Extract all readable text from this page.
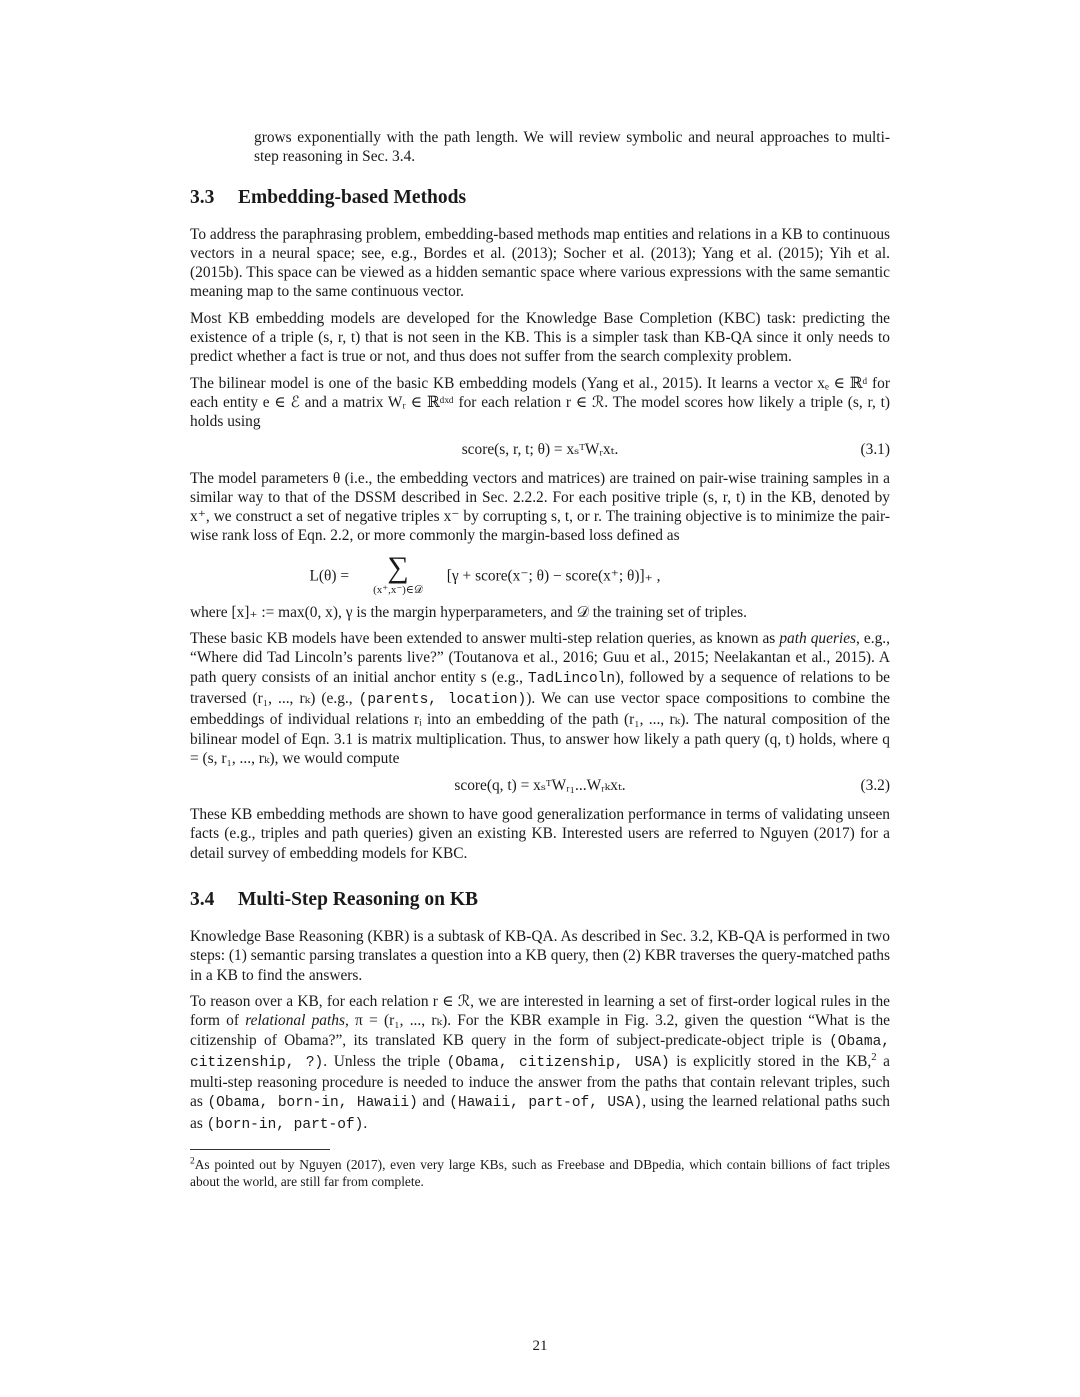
grows exponentially with the path length. We will review symbolic and neural approaches to multi-step reasoning in Sec. 3.4.

3.3 Embedding-based Methods

To address the paraphrasing problem, embedding-based methods map entities and relations in a KB to continuous vectors in a neural space; see, e.g., Bordes et al. (2013); Socher et al. (2013); Yang et al. (2015); Yih et al. (2015b). This space can be viewed as a hidden semantic space where various expressions with the same semantic meaning map to the same continuous vector.

Most KB embedding models are developed for the Knowledge Base Completion (KBC) task: predicting the existence of a triple (s, r, t) that is not seen in the KB. This is a simpler task than KB-QA since it only needs to predict whether a fact is true or not, and thus does not suffer from the search complexity problem.

The bilinear model is one of the basic KB embedding models (Yang et al., 2015). It learns a vector xₑ ∈ ℝᵈ for each entity e ∈ ℰ and a matrix Wᵣ ∈ ℝᵈˣᵈ for each relation r ∈ ℛ. The model scores how likely a triple (s, r, t) holds using

score(s, r, t; θ) = xₛᵀWᵣxₜ.	(3.1)

The model parameters θ (i.e., the embedding vectors and matrices) are trained on pair-wise training samples in a similar way to that of the DSSM described in Sec. 2.2.2. For each positive triple (s, r, t) in the KB, denoted by x⁺, we construct a set of negative triples x⁻ by corrupting s, t, or r. The training objective is to minimize the pair-wise rank loss of Eqn. 2.2, or more commonly the margin-based loss defined as

L(θ) =	∑
(x⁺,x⁻)∈𝒟
[γ + score(x⁻; θ) − score(x⁺; θ)]₊ ,

where [x]₊ := max(0, x), γ is the margin hyperparameters, and 𝒟 the training set of triples.

These basic KB models have been extended to answer multi-step relation queries, as known as path queries, e.g., “Where did Tad Lincoln’s parents live?” (Toutanova et al., 2016; Guu et al., 2015; Neelakantan et al., 2015). A path query consists of an initial anchor entity s (e.g., TadLincoln), followed by a sequence of relations to be traversed (r₁, ..., rₖ) (e.g., (parents, location)). We can use vector space compositions to combine the embeddings of individual relations rᵢ into an embedding of the path (r₁, ..., rₖ). The natural composition of the bilinear model of Eqn. 3.1 is matrix multiplication. Thus, to answer how likely a path query (q, t) holds, where q = (s, r₁, ..., rₖ), we would compute

score(q, t) = xₛᵀWᵣ₁...Wᵣₖxₜ.	(3.2)

These KB embedding methods are shown to have good generalization performance in terms of validating unseen facts (e.g., triples and path queries) given an existing KB. Interested users are referred to Nguyen (2017) for a detail survey of embedding models for KBC.

3.4 Multi-Step Reasoning on KB

Knowledge Base Reasoning (KBR) is a subtask of KB-QA. As described in Sec. 3.2, KB-QA is performed in two steps: (1) semantic parsing translates a question into a KB query, then (2) KBR traverses the query-matched paths in a KB to find the answers.

To reason over a KB, for each relation r ∈ ℛ, we are interested in learning a set of first-order logical rules in the form of relational paths, π = (r₁, ..., rₖ). For the KBR example in Fig. 3.2, given the question “What is the citizenship of Obama?”, its translated KB query in the form of subject-predicate-object triple is (Obama, citizenship, ?). Unless the triple (Obama, citizenship, USA) is explicitly stored in the KB,$^2$ a multi-step reasoning procedure is needed to induce the answer from the paths that contain relevant triples, such as (Obama, born-in, Hawaii) and (Hawaii, part-of, USA), using the learned relational paths such as (born-in, part-of).

$^2$As pointed out by Nguyen (2017), even very large KBs, such as Freebase and DBpedia, which contain billions of fact triples about the world, are still far from complete.

21
